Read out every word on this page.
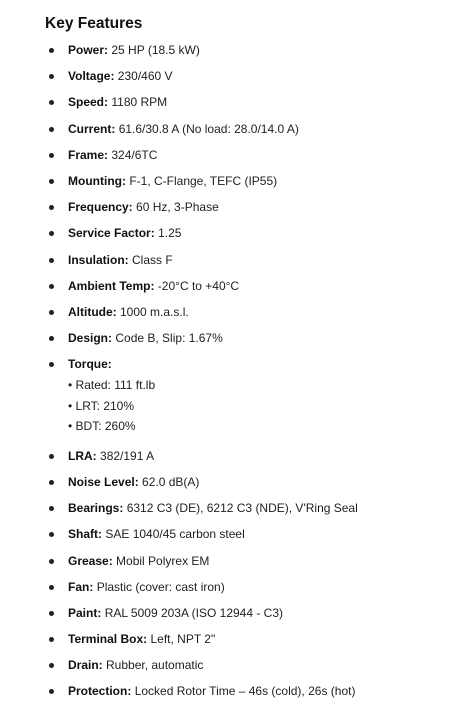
Key Features
Power: 25 HP (18.5 kW)
Voltage: 230/460 V
Speed: 1180 RPM
Current: 61.6/30.8 A (No load: 28.0/14.0 A)
Frame: 324/6TC
Mounting: F-1, C-Flange, TEFC (IP55)
Frequency: 60 Hz, 3-Phase
Service Factor: 1.25
Insulation: Class F
Ambient Temp: -20°C to +40°C
Altitude: 1000 m.a.s.l.
Design: Code B, Slip: 1.67%
Torque:
• Rated: 111 ft.lb
• LRT: 210%
• BDT: 260%
LRA: 382/191 A
Noise Level: 62.0 dB(A)
Bearings: 6312 C3 (DE), 6212 C3 (NDE), V'Ring Seal
Shaft: SAE 1040/45 carbon steel
Grease: Mobil Polyrex EM
Fan: Plastic (cover: cast iron)
Paint: RAL 5009 203A (ISO 12944 - C3)
Terminal Box: Left, NPT 2"
Drain: Rubber, automatic
Protection: Locked Rotor Time – 46s (cold), 26s (hot)
